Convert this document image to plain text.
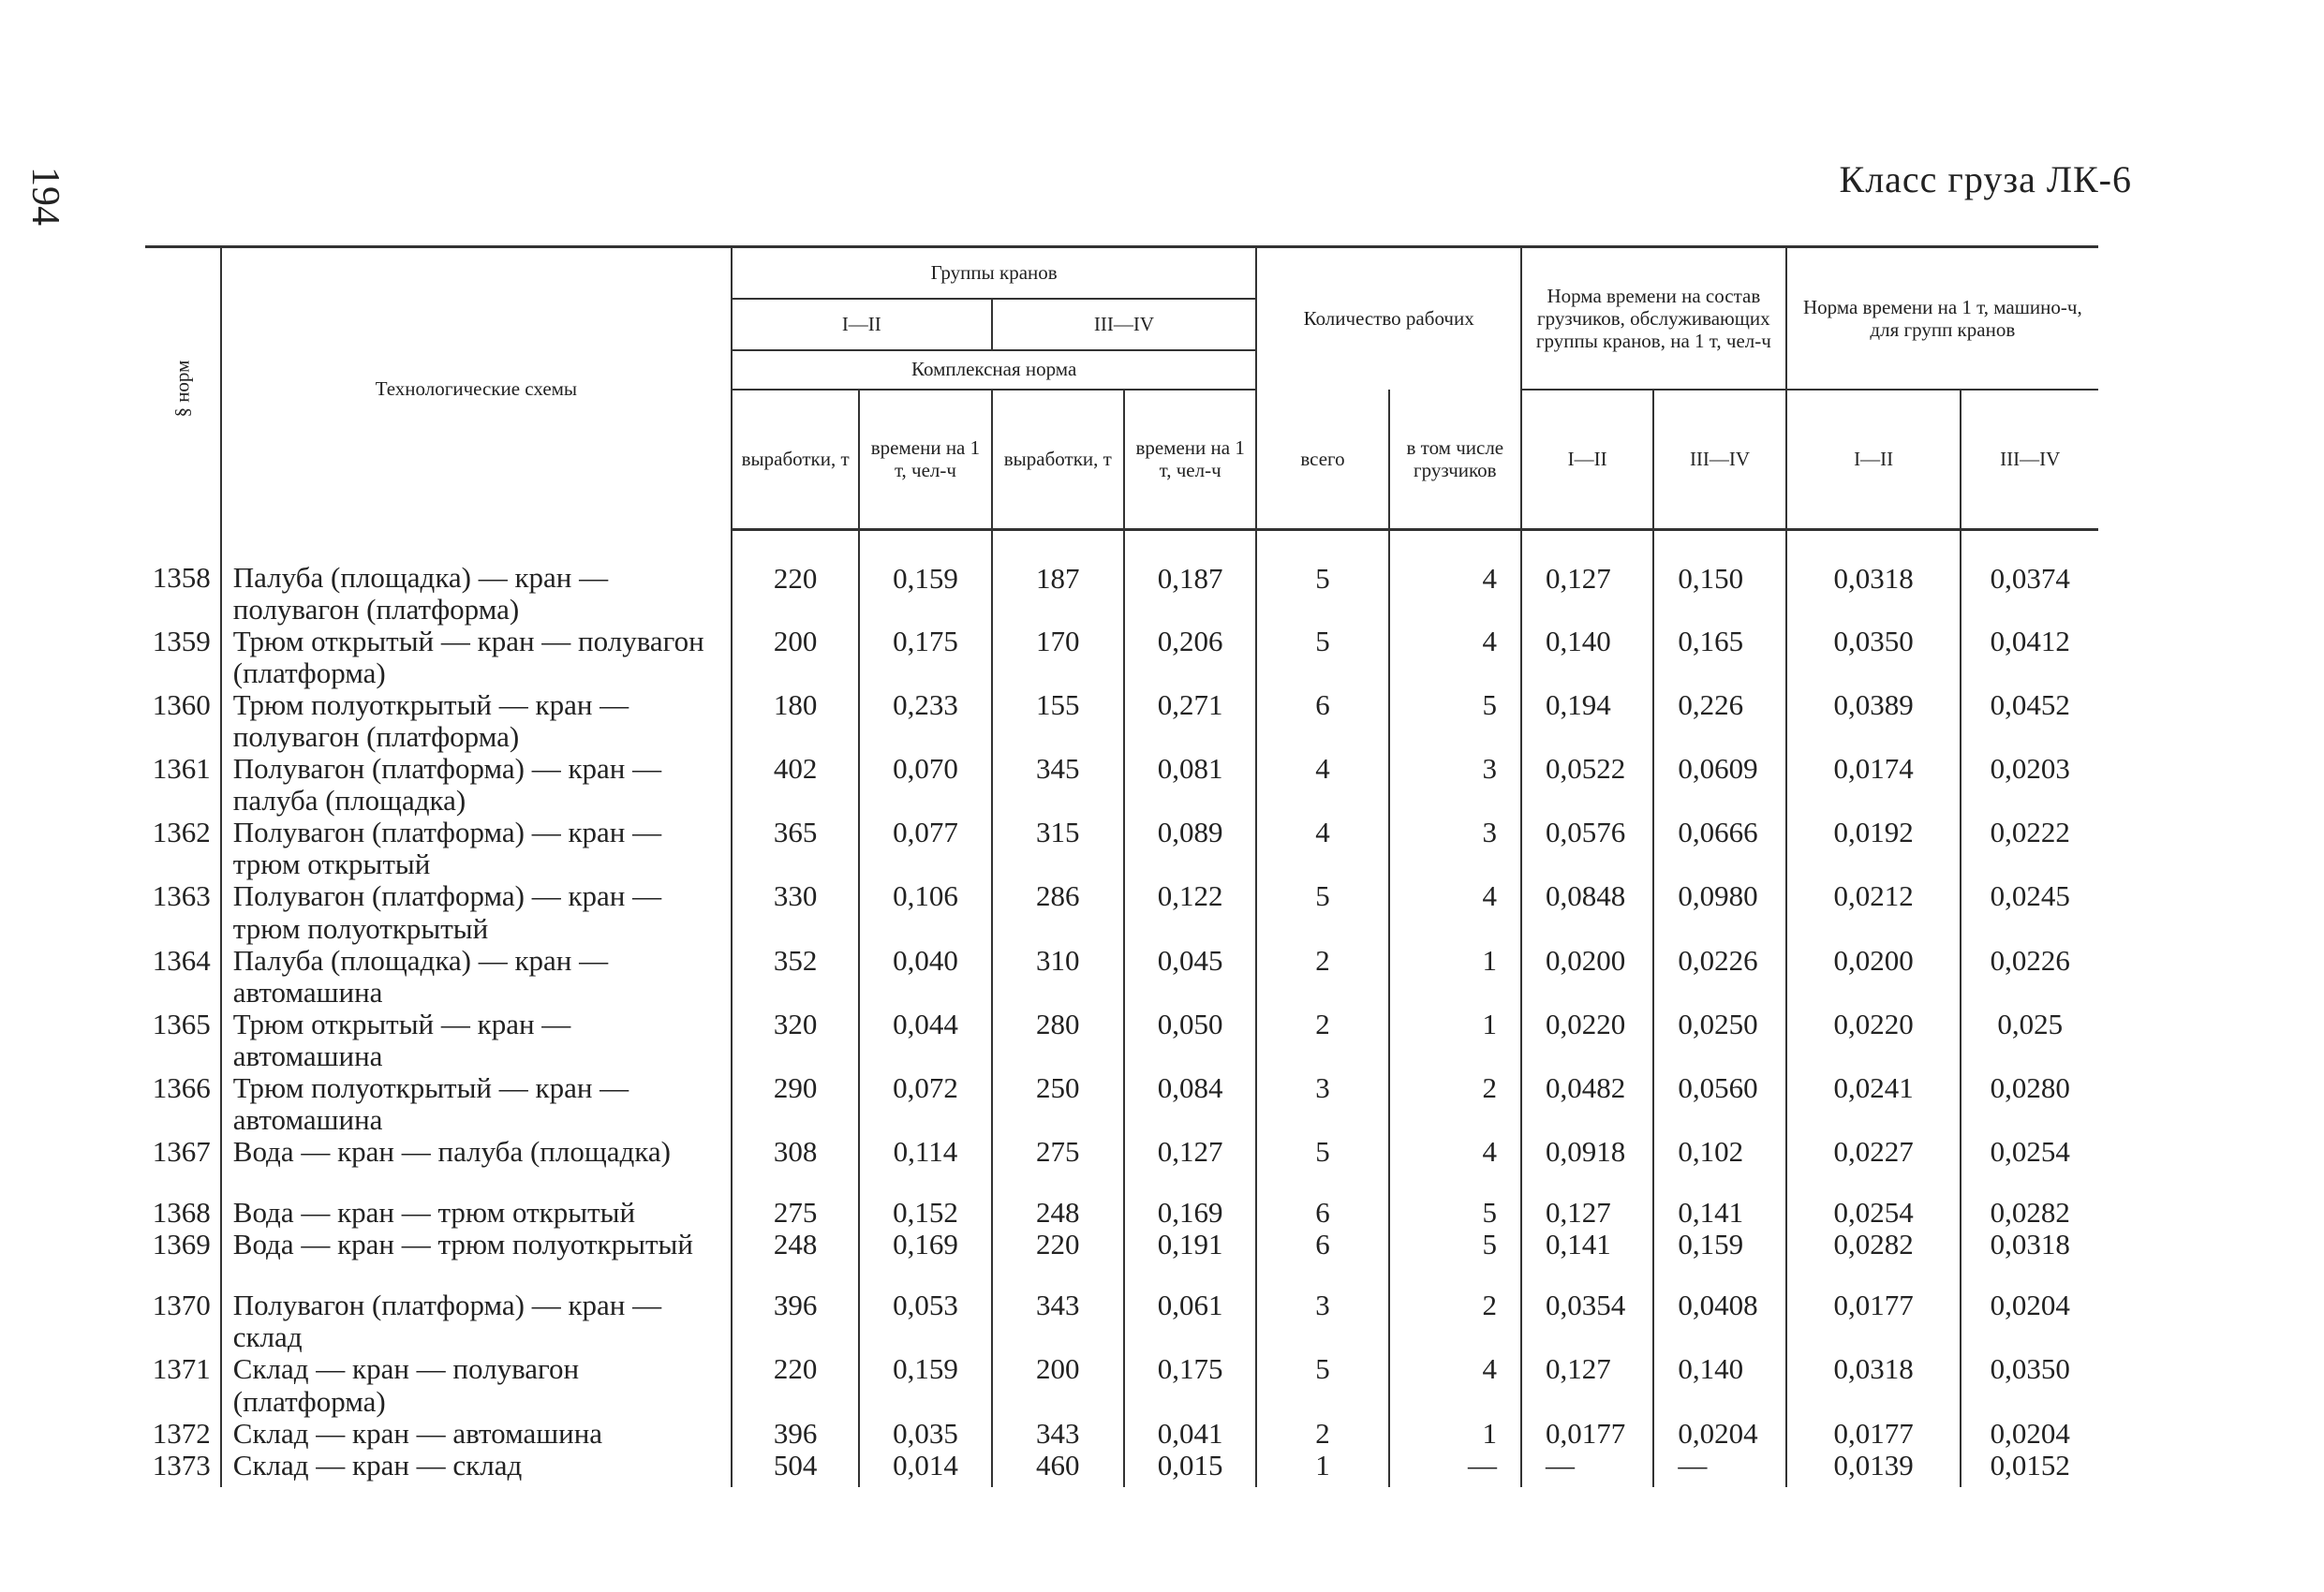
194	Класс груза ЛК-6
§ норм	Технологические схемы	Группы кранов				Количество рабочих		Норма времени на состав грузчиков, обслуживающих группы кранов, на 1 т, чел-ч		Норма времени на 1 т, машино-ч, для групп кранов	
		I—II		III—IV							
		Комплексная норма									
		выработки, т	времени на 1 т, чел-ч	выработки, т	времени на 1 т, чел-ч	всего	в том числе грузчиков	I—II	III—IV	I—II	III—IV
1358	Палуба (площадка) — кран — полувагон (платформа)	220	0,159	187	0,187	5	4	0,127	0,150	0,0318	0,0374
1359	Трюм открытый — кран — полувагон (платформа)	200	0,175	170	0,206	5	4	0,140	0,165	0,0350	0,0412
1360	Трюм полуоткрытый — кран — полувагон (платформа)	180	0,233	155	0,271	6	5	0,194	0,226	0,0389	0,0452
1361	Полувагон (платформа) — кран — палуба (площадка)	402	0,070	345	0,081	4	3	0,0522	0,0609	0,0174	0,0203
1362	Полувагон (платформа) — кран — трюм открытый	365	0,077	315	0,089	4	3	0,0576	0,0666	0,0192	0,0222
1363	Полувагон (платформа) — кран — трюм полуоткрытый	330	0,106	286	0,122	5	4	0,0848	0,0980	0,0212	0,0245
1364	Палуба (площадка) — кран — автомашина	352	0,040	310	0,045	2	1	0,0200	0,0226	0,0200	0,0226
1365	Трюм открытый — кран — автомашина	320	0,044	280	0,050	2	1	0,0220	0,0250	0,0220	0,025
1366	Трюм полуоткрытый — кран — автомашина	290	0,072	250	0,084	3	2	0,0482	0,0560	0,0241	0,0280
1367	Вода — кран — палуба (площадка)	308	0,114	275	0,127	5	4	0,0918	0,102	0,0227	0,0254
1368	Вода — кран — трюм открытый	275	0,152	248	0,169	6	5	0,127	0,141	0,0254	0,0282
1369	Вода — кран — трюм полуоткрытый	248	0,169	220	0,191	6	5	0,141	0,159	0,0282	0,0318
1370	Полувагон (платформа) — кран — склад	396	0,053	343	0,061	3	2	0,0354	0,0408	0,0177	0,0204
1371	Склад — кран — полувагон (платформа)	220	0,159	200	0,175	5	4	0,127	0,140	0,0318	0,0350
1372	Склад — кран — автомашина	396	0,035	343	0,041	2	1	0,0177	0,0204	0,0177	0,0204
1373	Склад — кран — склад	504	0,014	460	0,015	1	—	—	—	0,0139	0,0152
